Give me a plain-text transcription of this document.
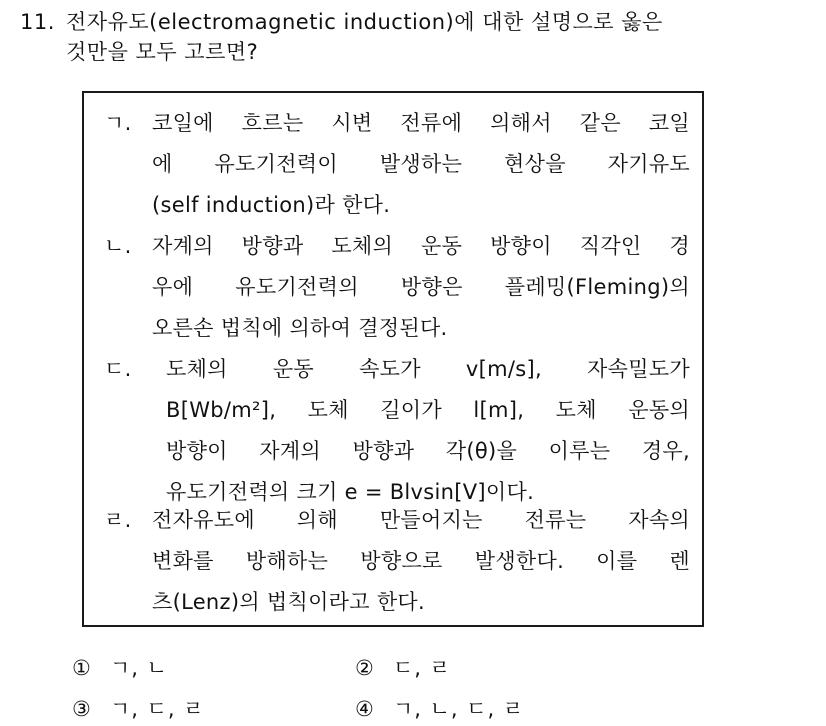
11. 전자유도(electromagnetic induction)에 대한 설명으로 옳은
것만을 모두 고르면?
ㄱ. 코일에 흐르는 시변 전류에 의해서 같은 코일
에 유도기전력이 발생하는 현상을 자기유도
(self induction)라 한다.
ㄴ. 자계의 방향과 도체의 운동 방향이 직각인 경
우에 유도기전력의 방향은 플레밍(Fleming)의
오른손 법칙에 의하여 결정된다.
ㄷ.	도체의 운동 속도가 v[m/s], 자속밀도가
B[Wb/m²], 도체 길이가 l[m], 도체 운동의
방향이 자계의 방향과 각(θ)을 이루는 경우,
유도기전력의 크기 e = Blvsin[V]이다.
ㄹ. 전자유도에 의해 만들어지는 전류는 자속의
변화를 방해하는 방향으로 발생한다. 이를 렌
츠(Lenz)의 법칙이라고 한다.
① ㄱ, ㄴ	② ㄷ, ㄹ
③ ㄱ, ㄷ, ㄹ	④ ㄱ, ㄴ, ㄷ, ㄹ
